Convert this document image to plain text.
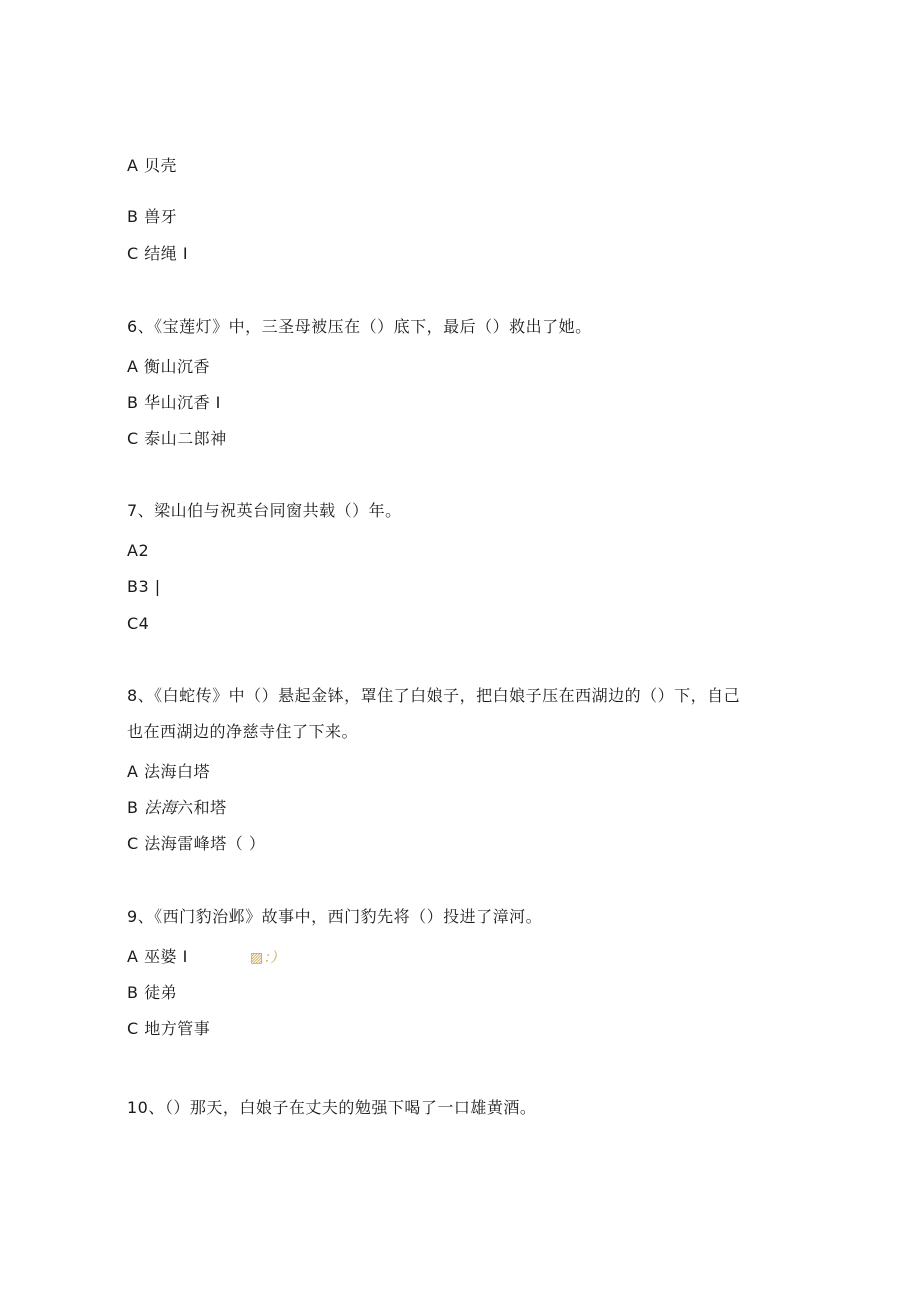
A 贝壳
B 兽牙
C 结绳 I
6、《宝莲灯》中，三圣母被压在（）底下，最后（）救出了她。
A 衡山沉香
B 华山沉香 I
C 泰山二郎神
7、梁山伯与祝英台同窗共载（）年。
A2
B3 |
C4
8、《白蛇传》中（）悬起金钵，罩住了白娘子，把白娘子压在西湖边的（）下，自己
也在西湖边的净慈寺住了下来。
A 法海白塔
B 法海六和塔
C 法海雷峰塔（ ）
9、《西门豹治邺》故事中，西门豹先将（）投进了漳河。
A 巫婆 I	▨：）
B 徒弟
C 地方管事
10、（）那天，白娘子在丈夫的勉强下喝了一口雄黄酒。
